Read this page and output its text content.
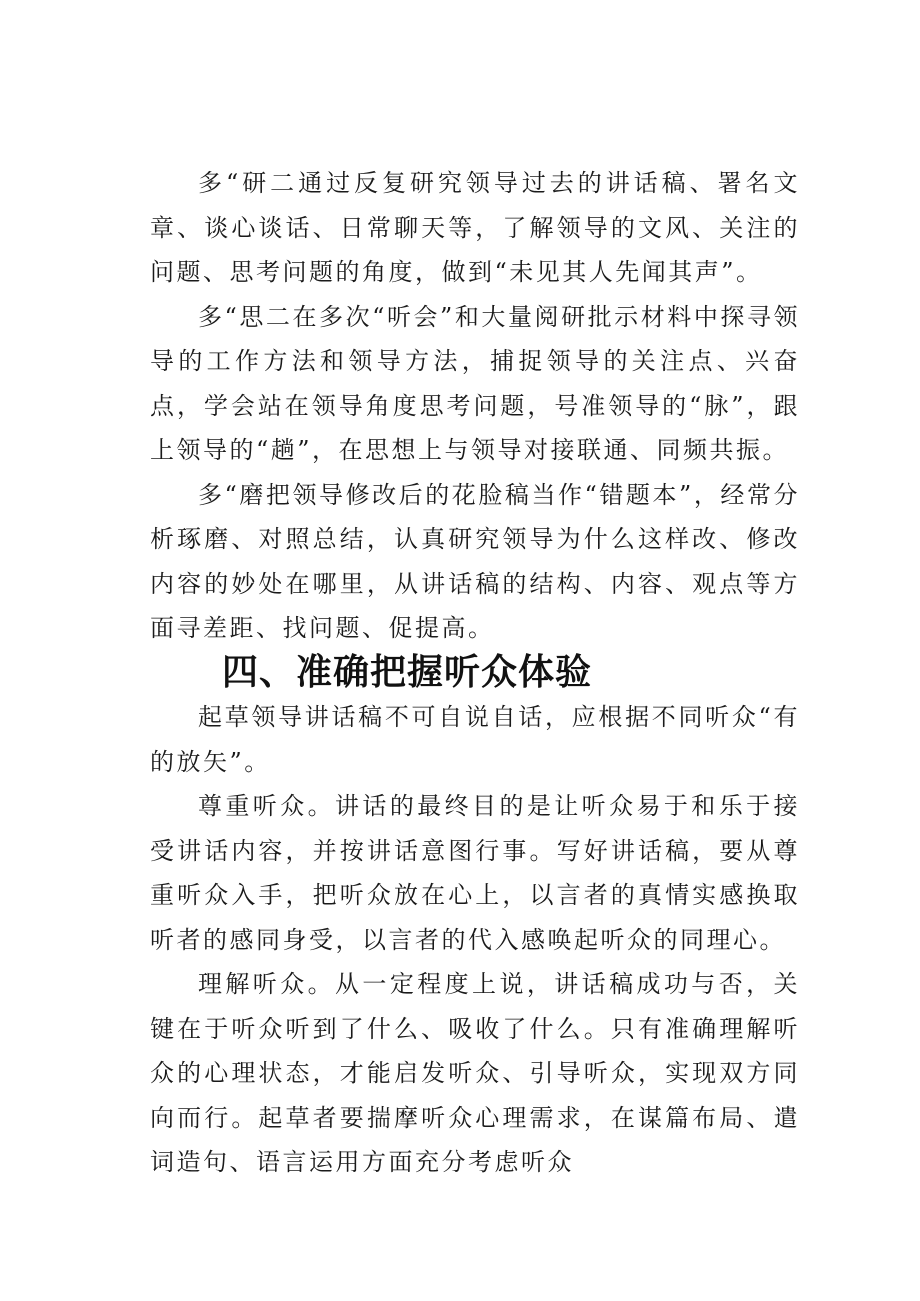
多“研二通过反复研究领导过去的讲话稿、署名文章、谈心谈话、日常聊天等，了解领导的文风、关注的问题、思考问题的角度，做到“未见其人先闻其声”。

多“思二在多次“听会”和大量阅研批示材料中探寻领导的工作方法和领导方法，捕捉领导的关注点、兴奋点，学会站在领导角度思考问题，号准领导的“脉”，跟上领导的“趟”，在思想上与领导对接联通、同频共振。

多“磨把领导修改后的花脸稿当作“错题本”，经常分析琢磨、对照总结，认真研究领导为什么这样改、修改内容的妙处在哪里，从讲话稿的结构、内容、观点等方面寻差距、找问题、促提高。

四、准确把握听众体验

起草领导讲话稿不可自说自话，应根据不同听众“有的放矢”。

尊重听众。讲话的最终目的是让听众易于和乐于接受讲话内容，并按讲话意图行事。写好讲话稿，要从尊重听众入手，把听众放在心上，以言者的真情实感换取听者的感同身受，以言者的代入感唤起听众的同理心。

理解听众。从一定程度上说，讲话稿成功与否，关键在于听众听到了什么、吸收了什么。只有准确理解听众的心理状态，才能启发听众、引导听众，实现双方同向而行。起草者要揣摩听众心理需求，在谋篇布局、遣词造句、语言运用方面充分考虑听众
